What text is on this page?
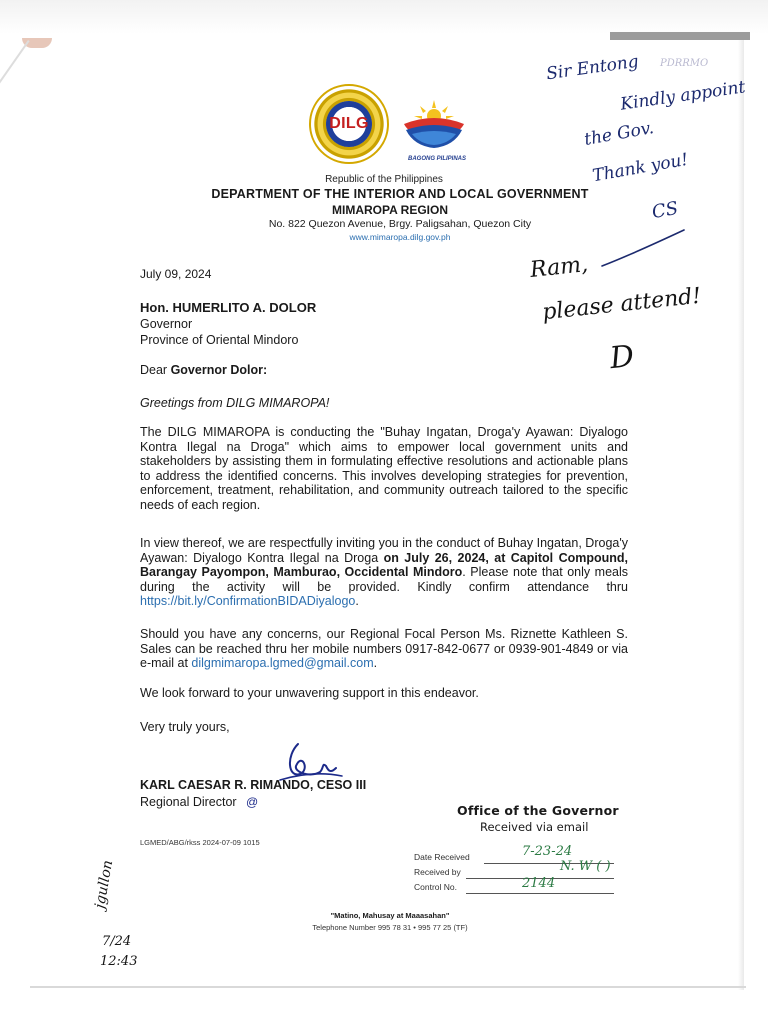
DILG
BAGONG PILIPINAS
Republic of the Philippines
DEPARTMENT OF THE INTERIOR AND LOCAL GOVERNMENT
MIMAROPA REGION
No. 822 Quezon Avenue, Brgy. Paligsahan, Quezon City
www.mimaropa.dilg.gov.ph
July 09, 2024
Hon. HUMERLITO A. DOLOR
Governor
Province of Oriental Mindoro
Dear Governor Dolor:
Greetings from DILG MIMAROPA!
The DILG MIMAROPA is conducting the "Buhay Ingatan, Droga'y Ayawan: Diyalogo Kontra Ilegal na Droga" which aims to empower local government units and stakeholders by assisting them in formulating effective resolutions and actionable plans to address the identified concerns. This involves developing strategies for prevention, enforcement, treatment, rehabilitation, and community outreach tailored to the specific needs of each region.
In view thereof, we are respectfully inviting you in the conduct of Buhay Ingatan, Droga'y Ayawan: Diyalogo Kontra Ilegal na Droga on July 26, 2024, at Capitol Compound, Barangay Payompon, Mamburao, Occidental Mindoro. Please note that only meals during the activity will be provided. Kindly confirm attendance thru https://bit.ly/ConfirmationBIDADiyalogo.
Should you have any concerns, our Regional Focal Person Ms. Riznette Kathleen S. Sales can be reached thru her mobile numbers 0917-842-0677 or 0939-901-4849 or via e-mail at dilgmimaropa.lgmed@gmail.com.
We look forward to your unwavering support in this endeavor.
Very truly yours,
KARL CAESAR R. RIMANDO, CESO III
Regional Director @
LGMED/ABG/rkss 2024-07-09 1015
Office of the Governor
Received via email
Date Received	7-23-24
Received by	N. W ( )
Control No.	2144
"Matino, Mahusay at Maaasahan"
Telephone Number 995 78 31 • 995 77 25 (TF)
Sir Entong PDRRMO
Kindly appoint
the Gov.
Thank you!
CS
Ram,
please attend!
D
jgullon
7/24
12:43
